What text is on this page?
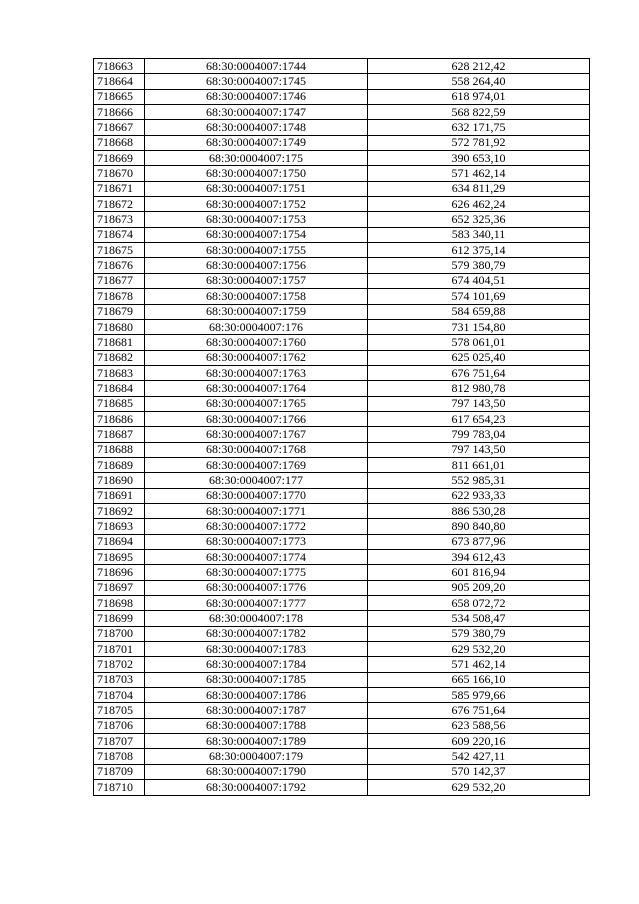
718663	68:30:0004007:1744	628 212,42
718664	68:30:0004007:1745	558 264,40
718665	68:30:0004007:1746	618 974,01
718666	68:30:0004007:1747	568 822,59
718667	68:30:0004007:1748	632 171,75
718668	68:30:0004007:1749	572 781,92
718669	68:30:0004007:175	390 653,10
718670	68:30:0004007:1750	571 462,14
718671	68:30:0004007:1751	634 811,29
718672	68:30:0004007:1752	626 462,24
718673	68:30:0004007:1753	652 325,36
718674	68:30:0004007:1754	583 340,11
718675	68:30:0004007:1755	612 375,14
718676	68:30:0004007:1756	579 380,79
718677	68:30:0004007:1757	674 404,51
718678	68:30:0004007:1758	574 101,69
718679	68:30:0004007:1759	584 659,88
718680	68:30:0004007:176	731 154,80
718681	68:30:0004007:1760	578 061,01
718682	68:30:0004007:1762	625 025,40
718683	68:30:0004007:1763	676 751,64
718684	68:30:0004007:1764	812 980,78
718685	68:30:0004007:1765	797 143,50
718686	68:30:0004007:1766	617 654,23
718687	68:30:0004007:1767	799 783,04
718688	68:30:0004007:1768	797 143,50
718689	68:30:0004007:1769	811 661,01
718690	68:30:0004007:177	552 985,31
718691	68:30:0004007:1770	622 933,33
718692	68:30:0004007:1771	886 530,28
718693	68:30:0004007:1772	890 840,80
718694	68:30:0004007:1773	673 877,96
718695	68:30:0004007:1774	394 612,43
718696	68:30:0004007:1775	601 816,94
718697	68:30:0004007:1776	905 209,20
718698	68:30:0004007:1777	658 072,72
718699	68:30:0004007:178	534 508,47
718700	68:30:0004007:1782	579 380,79
718701	68:30:0004007:1783	629 532,20
718702	68:30:0004007:1784	571 462,14
718703	68:30:0004007:1785	665 166,10
718704	68:30:0004007:1786	585 979,66
718705	68:30:0004007:1787	676 751,64
718706	68:30:0004007:1788	623 588,56
718707	68:30:0004007:1789	609 220,16
718708	68:30:0004007:179	542 427,11
718709	68:30:0004007:1790	570 142,37
718710	68:30:0004007:1792	629 532,20
